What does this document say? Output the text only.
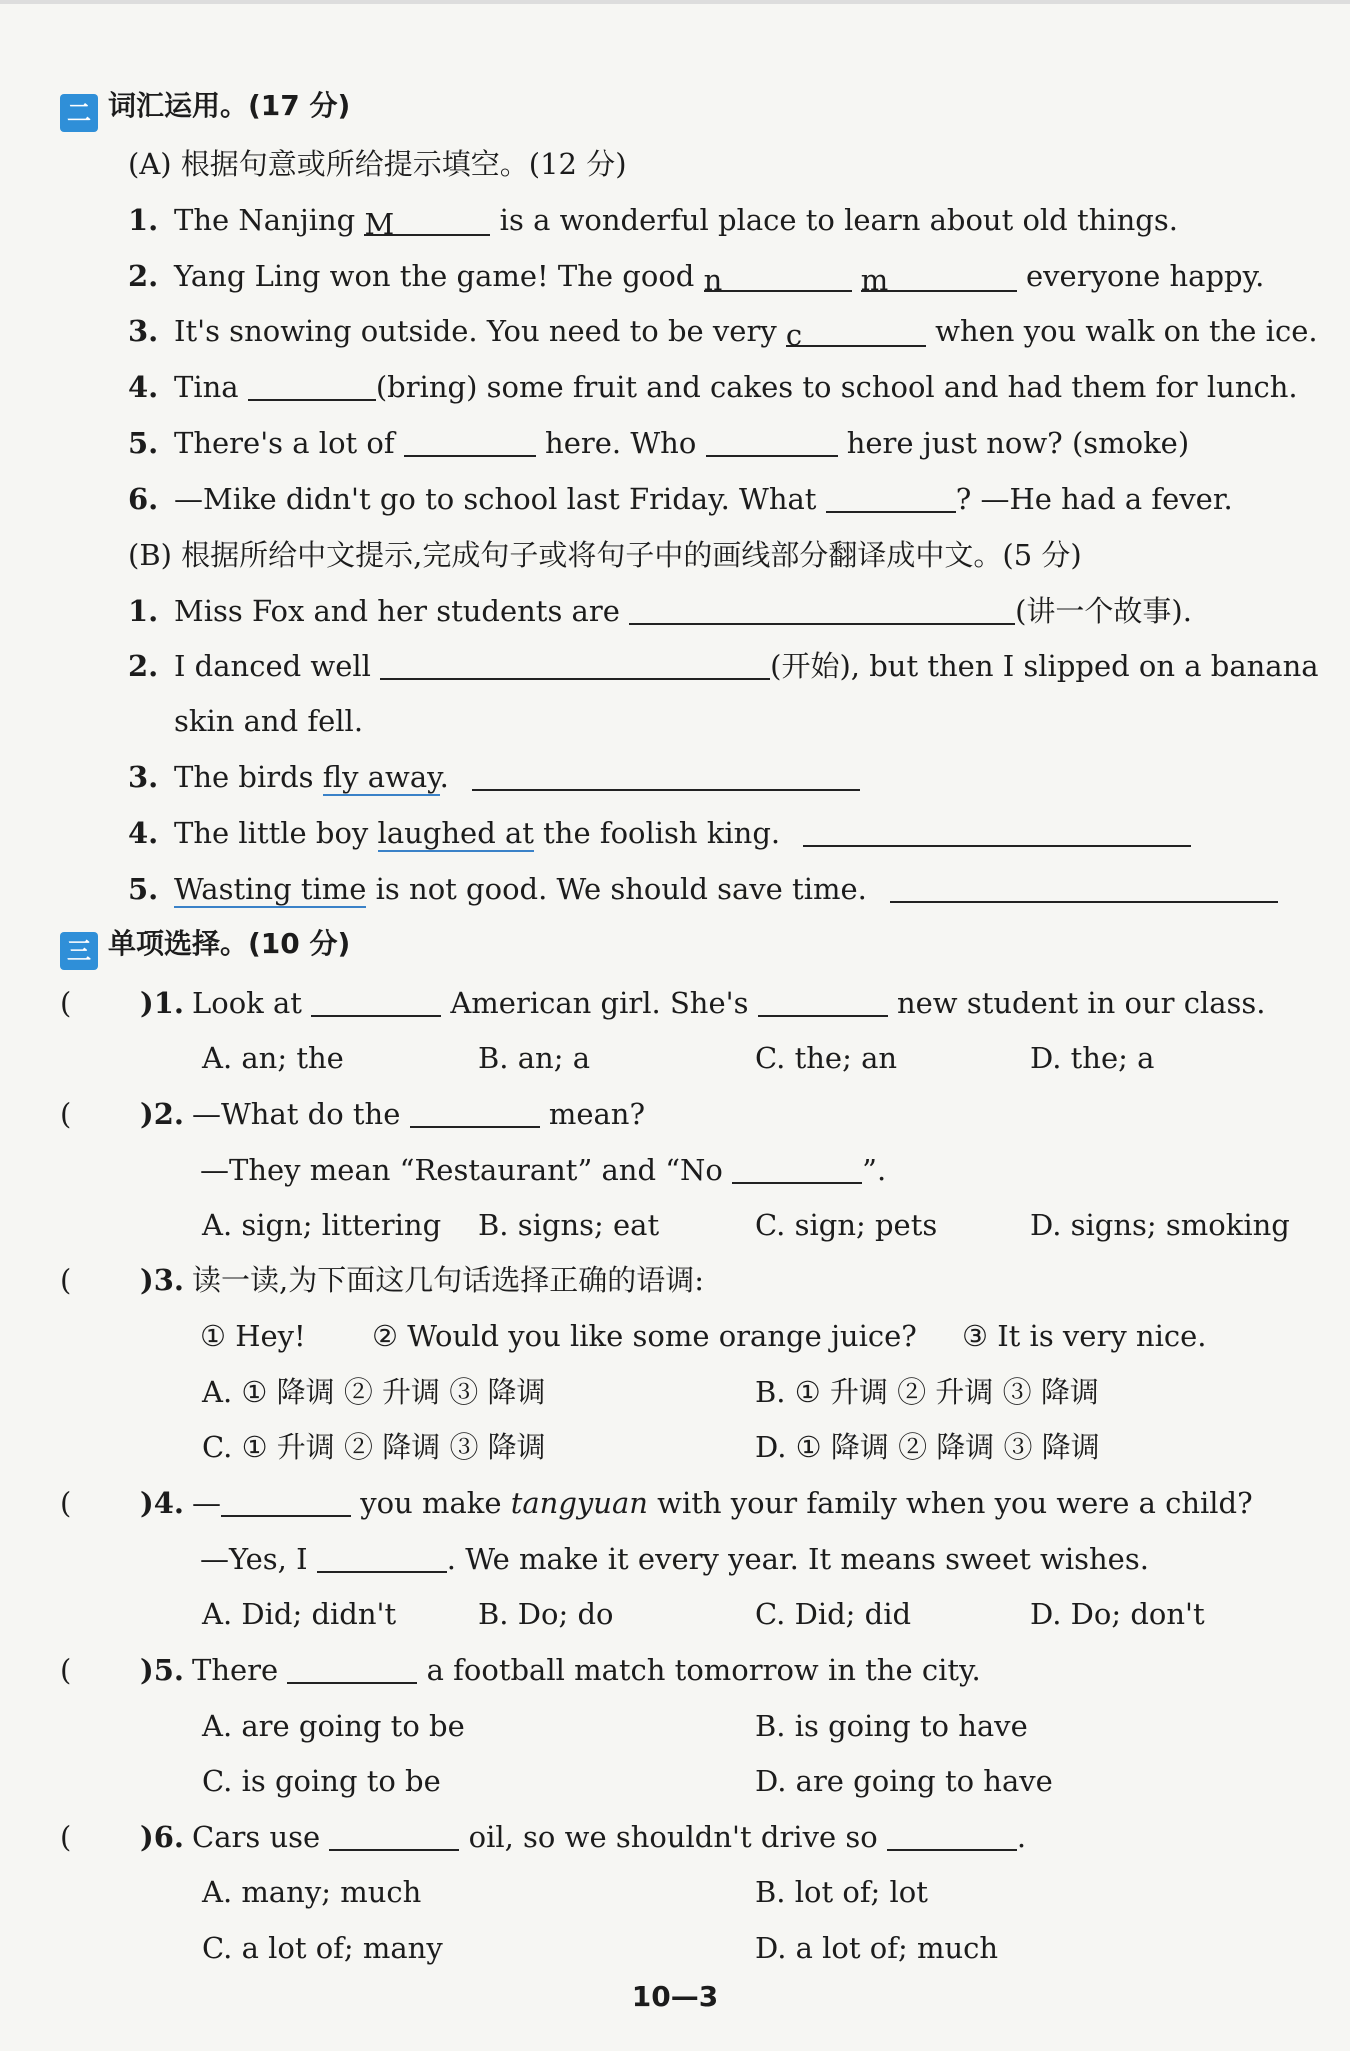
二 词汇运用。(17 分)
(A) 根据句意或所给提示填空。(12 分)
1. The Nanjing M	is a wonderful place to learn about old things.
2. Yang Ling won the game! The good n	m	everyone happy.
3. It's snowing outside. You need to be very c	when you walk on the ice.
4. Tina	(bring) some fruit and cakes to school and had them for lunch.
5. There's a lot of	here. Who	here just now? (smoke)
6. —Mike didn't go to school last Friday. What	? —He had a fever.
(B) 根据所给中文提示,完成句子或将句子中的画线部分翻译成中文。(5 分)
1. Miss Fox and her students are	(讲一个故事).
2. I danced well	(开始), but then I slipped on a banana
skin and fell.
3. The birds fly away.
4. The little boy laughed at the foolish king.
5. Wasting time is not good. We should save time.
三 单项选择。(10 分)
( )1. Look at	American girl. She's	new student in our class.
A. an; the	B. an; a	C. the; an	D. the; a
( )2. —What do the	mean?
—They mean “Restaurant” and “No	”.
A. sign; littering B. signs; eat	C. sign; pets	D. signs; smoking
( )3. 读一读,为下面这几句话选择正确的语调:
① Hey! ② Would you like some orange juice? ③ It is very nice.
A. ① 降调 ② 升调 ③ 降调	B. ① 升调 ② 升调 ③ 降调
C. ① 升调 ② 降调 ③ 降调	D. ① 降调 ② 降调 ③ 降调
( )4. —	you make tangyuan with your family when you were a child?
—Yes, I	. We make it every year. It means sweet wishes.
A. Did; didn't	B. Do; do	C. Did; did	D. Do; don't
( )5. There	a football match tomorrow in the city.
A. are going to be	B. is going to have
C. is going to be	D. are going to have
( )6. Cars use	oil, so we shouldn't drive so	.
A. many; much	B. lot of; lot
C. a lot of; many	D. a lot of; much
10—3
